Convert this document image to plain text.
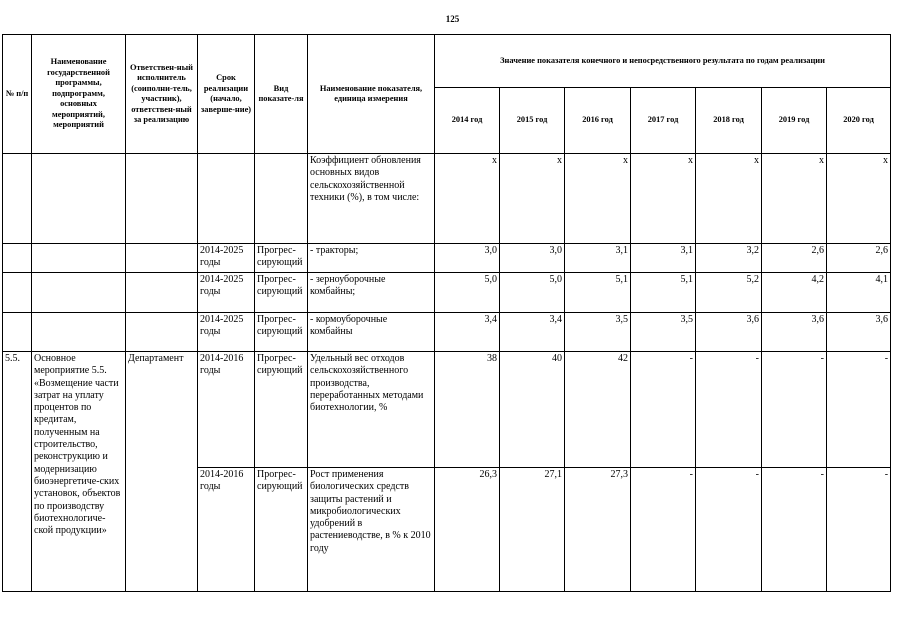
125
№ п/п	Наименование государственной программы, подпрограмм, основных мероприятий, мероприятий	Ответствен-ный исполнитель (соиполни-тель, участник), ответствен-ный за реализацию	Срок реализации (начало, заверше-ние)	Вид показате-ля	Наименование показателя, единица измерения	Значение показателя конечного и непосредственного результата по годам реализации						
						2014 год	2015 год	2016 год	2017 год	2018 год	2019 год	2020 год
					Коэффициент обновления основных видов сельскохозяйственной техники (%), в том числе:	х	х	х	х	х	х	х
			2014-2025 годы	Прогрес-сирующий	- тракторы;	3,0	3,0	3,1	3,1	3,2	2,6	2,6
			2014-2025 годы	Прогрес-сирующий	- зерноуборочные комбайны;	5,0	5,0	5,1	5,1	5,2	4,2	4,1
			2014-2025 годы	Прогрес-сирующий	- кормоуборочные комбайны	3,4	3,4	3,5	3,5	3,6	3,6	3,6
5.5.	Основное мероприятие 5.5. «Возмещение части затрат на уплату процентов по кредитам, полученным на строительство, реконструкцию и модернизацию биоэнергетиче-ских установок, объектов по производству биотехнологиче-ской продукции»	Департамент	2014-2016 годы	Прогрес-сирующий	Удельный вес отходов сельскохозяйственного производства, переработанных методами биотехнологии, %	38	40	42	-	-	-	-
			2014-2016 годы	Прогрес-сирующий	Рост применения биологических средств защиты растений и микробиологических удобрений в растениеводстве, в % к 2010 году	26,3	27,1	27,3	-	-	-	-
